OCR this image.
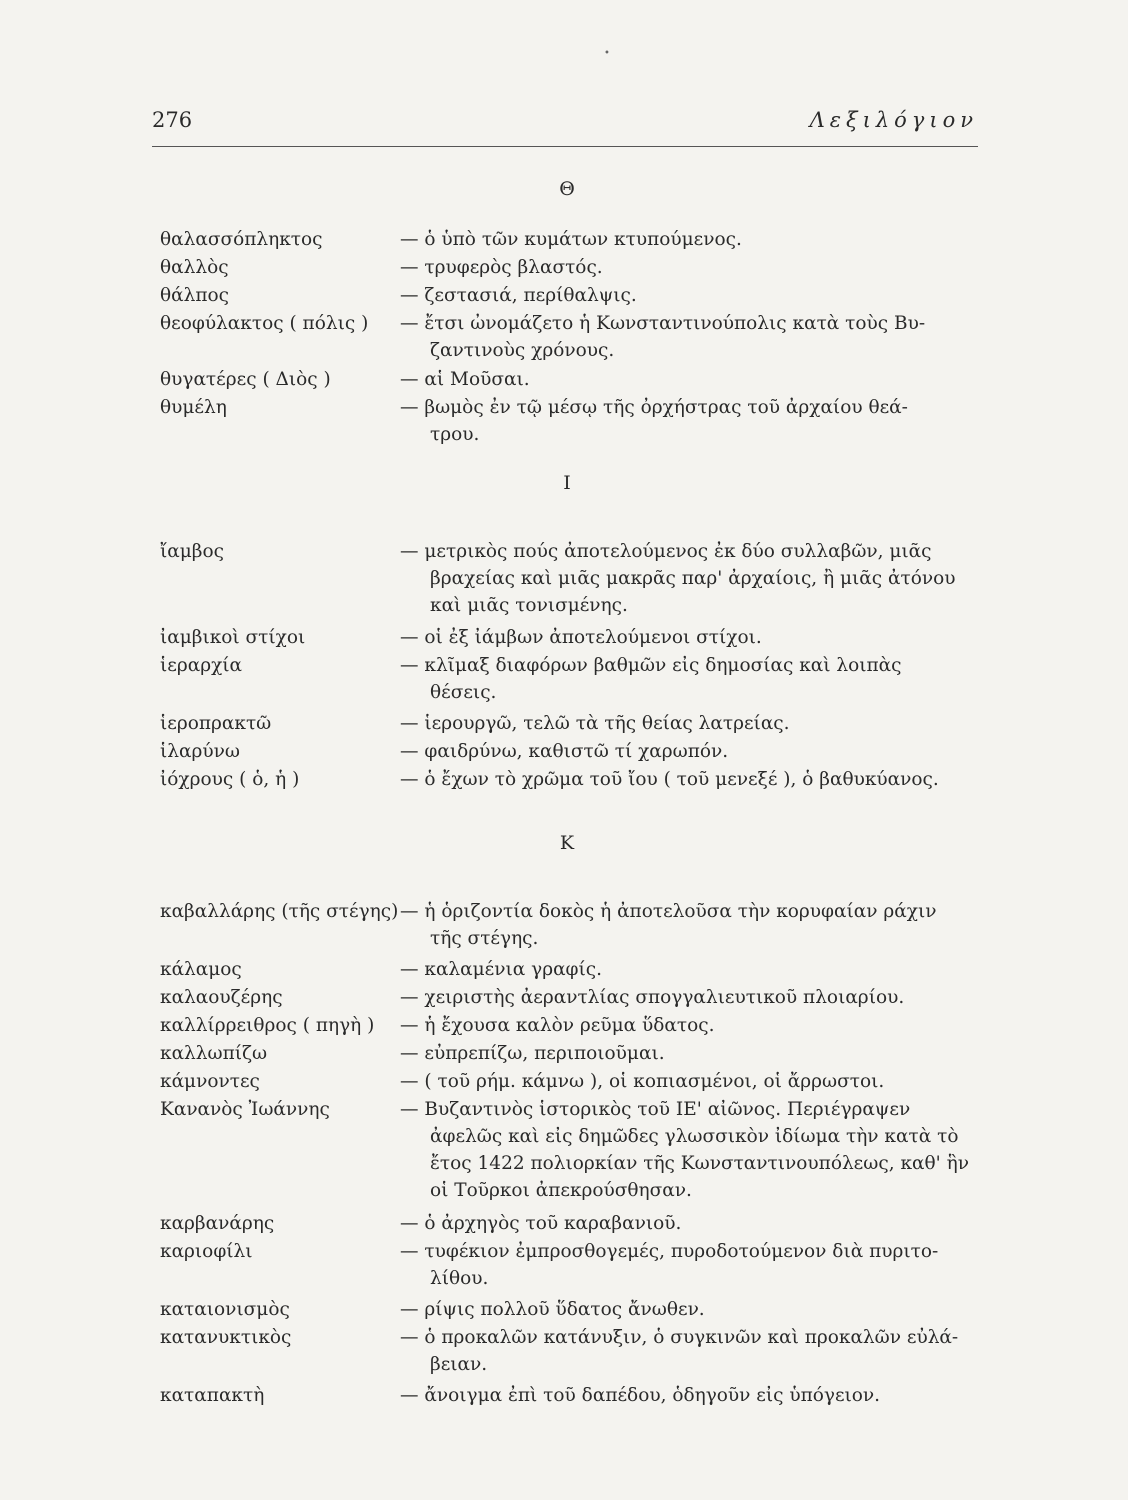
276	Λεξιλόγιον
•
Θ
θαλασσόπληκτος	— ὁ ὑπὸ τῶν κυμάτων κτυπούμενος.
θαλλὸς	— τρυφερὸς βλαστός.
θάλπος	— ζεστασιά, περίθαλψις.
θεοφύλακτος ( πόλις ) — ἔτσι ὠνομάζετο ἡ Κωνσταντινούπολις κατὰ τοὺς Βυ-
ζαντινοὺς χρόνους.
θυγατέρες ( Διὸς )	— αἱ Μοῦσαι.
θυμέλη	— βωμὸς ἐν τῷ μέσῳ τῆς ὀρχήστρας τοῦ ἀρχαίου θεά-
τρου.
Ι
ἴαμβος	— μετρικὸς πούς ἀποτελούμενος ἐκ δύο συλλαβῶν, μιᾶς
βραχείας καὶ μιᾶς μακρᾶς παρ' ἀρχαίοις, ἢ μιᾶς ἀτόνου
καὶ μιᾶς τονισμένης.
ἰαμβικοὶ στίχοι	— οἱ ἐξ ἰάμβων ἀποτελούμενοι στίχοι.
ἱεραρχία	— κλῖμαξ διαφόρων βαθμῶν εἰς δημοσίας καὶ λοιπὰς
θέσεις.
ἱεροπρακτῶ	— ἱερουργῶ, τελῶ τὰ τῆς θείας λατρείας.
ἱλαρύνω	— φαιδρύνω, καθιστῶ τί χαρωπόν.
ἰόχρους ( ὁ, ἡ )	— ὁ ἔχων τὸ χρῶμα τοῦ ἴου ( τοῦ μενεξέ ), ὁ βαθυκύανος.
Κ
καβαλλάρης (τῆς στέγης) — ἡ ὁριζοντία δοκὸς ἡ ἀποτελοῦσα τὴν κορυφαίαν ράχιν
τῆς στέγης.
κάλαμος	— καλαμένια γραφίς.
καλαουζέρης	— χειριστὴς ἀεραντλίας σπογγαλιευτικοῦ πλοιαρίου.
καλλίρρειθρος ( πηγὴ ) — ἡ ἔχουσα καλὸν ρεῦμα ὕδατος.
καλλωπίζω	— εὐπρεπίζω, περιποιοῦμαι.
κάμνοντες	— ( τοῦ ρήμ. κάμνω ), οἱ κοπιασμένοι, οἱ ἄρρωστοι.
Κανανὸς Ἰωάννης	— Βυζαντινὸς ἱστορικὸς τοῦ ΙΕ' αἰῶνος. Περιέγραψεν
ἀφελῶς καὶ εἰς δημῶδες γλωσσικὸν ἰδίωμα τὴν κατὰ τὸ
ἔτος 1422 πολιορκίαν τῆς Κωνσταντινουπόλεως, καθ' ἣν
οἱ Τοῦρκοι ἀπεκρούσθησαν.
καρβανάρης	— ὁ ἀρχηγὸς τοῦ καραβανιοῦ.
καριοφίλι	— τυφέκιον ἐμπροσθογεμές, πυροδοτούμενον διὰ πυριτο-
λίθου.
καταιονισμὸς	— ρίψις πολλοῦ ὕδατος ἄνωθεν.
κατανυκτικὸς	— ὁ προκαλῶν κατάνυξιν, ὁ συγκινῶν καὶ προκαλῶν εὐλά-
βειαν.
καταπακτὴ	— ἄνοιγμα ἐπὶ τοῦ δαπέδου, ὁδηγοῦν εἰς ὑπόγειον.
